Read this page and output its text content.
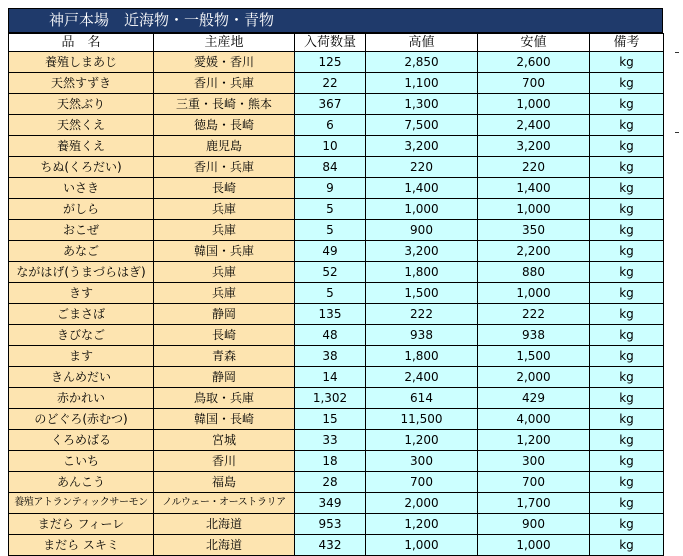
神戸本場　近海物・一般物・青物
品　名	主産地	入荷数量	高値	安値	備考
養殖しまあじ	愛媛・香川	125	2,850	2,600	kg
天然すずき	香川・兵庫	22	1,100	700	kg
天然ぶり	三重・長崎・熊本	367	1,300	1,000	kg
天然くえ	徳島・長崎	6	7,500	2,400	kg
養殖くえ	鹿児島	10	3,200	3,200	kg
ちぬ(くろだい)	香川・兵庫	84	220	220	kg
いさき	長崎	9	1,400	1,400	kg
がしら	兵庫	5	1,000	1,000	kg
おこぜ	兵庫	5	900	350	kg
あなご	韓国・兵庫	49	3,200	2,200	kg
ながはげ(うまづらはぎ)	兵庫	52	1,800	880	kg
きす	兵庫	5	1,500	1,000	kg
ごまさば	静岡	135	222	222	kg
きびなご	長崎	48	938	938	kg
ます	青森	38	1,800	1,500	kg
きんめだい	静岡	14	2,400	2,000	kg
赤かれい	鳥取・兵庫	1,302	614	429	kg
のどぐろ(赤むつ)	韓国・長崎	15	11,500	4,000	kg
くろめばる	宮城	33	1,200	1,200	kg
こいち	香川	18	300	300	kg
あんこう	福島	28	700	700	kg
養殖アトランティックサーモン	ノルウェー・オーストラリア	349	2,000	1,700	kg
まだら フィーレ	北海道	953	1,200	900	kg
まだら スキミ	北海道	432	1,000	1,000	kg
